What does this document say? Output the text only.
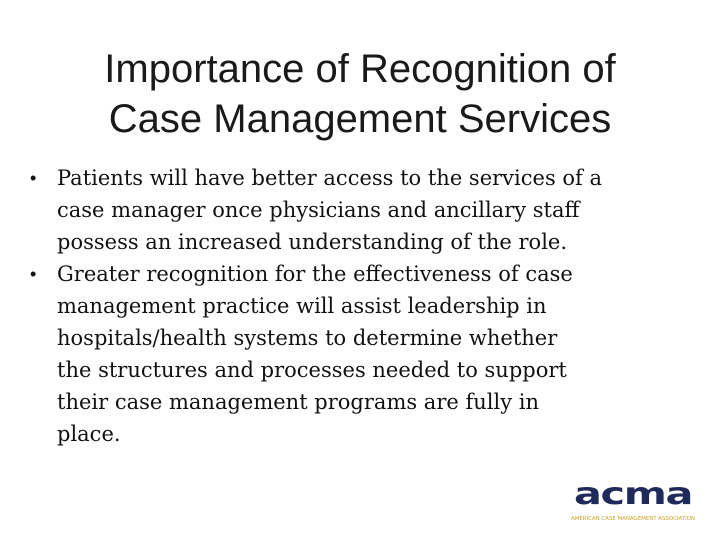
Importance of Recognition of
Case Management Services
• Patients will have better access to the services of a
case manager once physicians and ancillary staff
possess an increased understanding of the role.
• Greater recognition for the effectiveness of case
management practice will assist leadership in
hospitals/health systems to determine whether
the structures and processes needed to support
their case management programs are fully in
place.
acma
AMERICAN CASE MANAGEMENT ASSOCIATION
